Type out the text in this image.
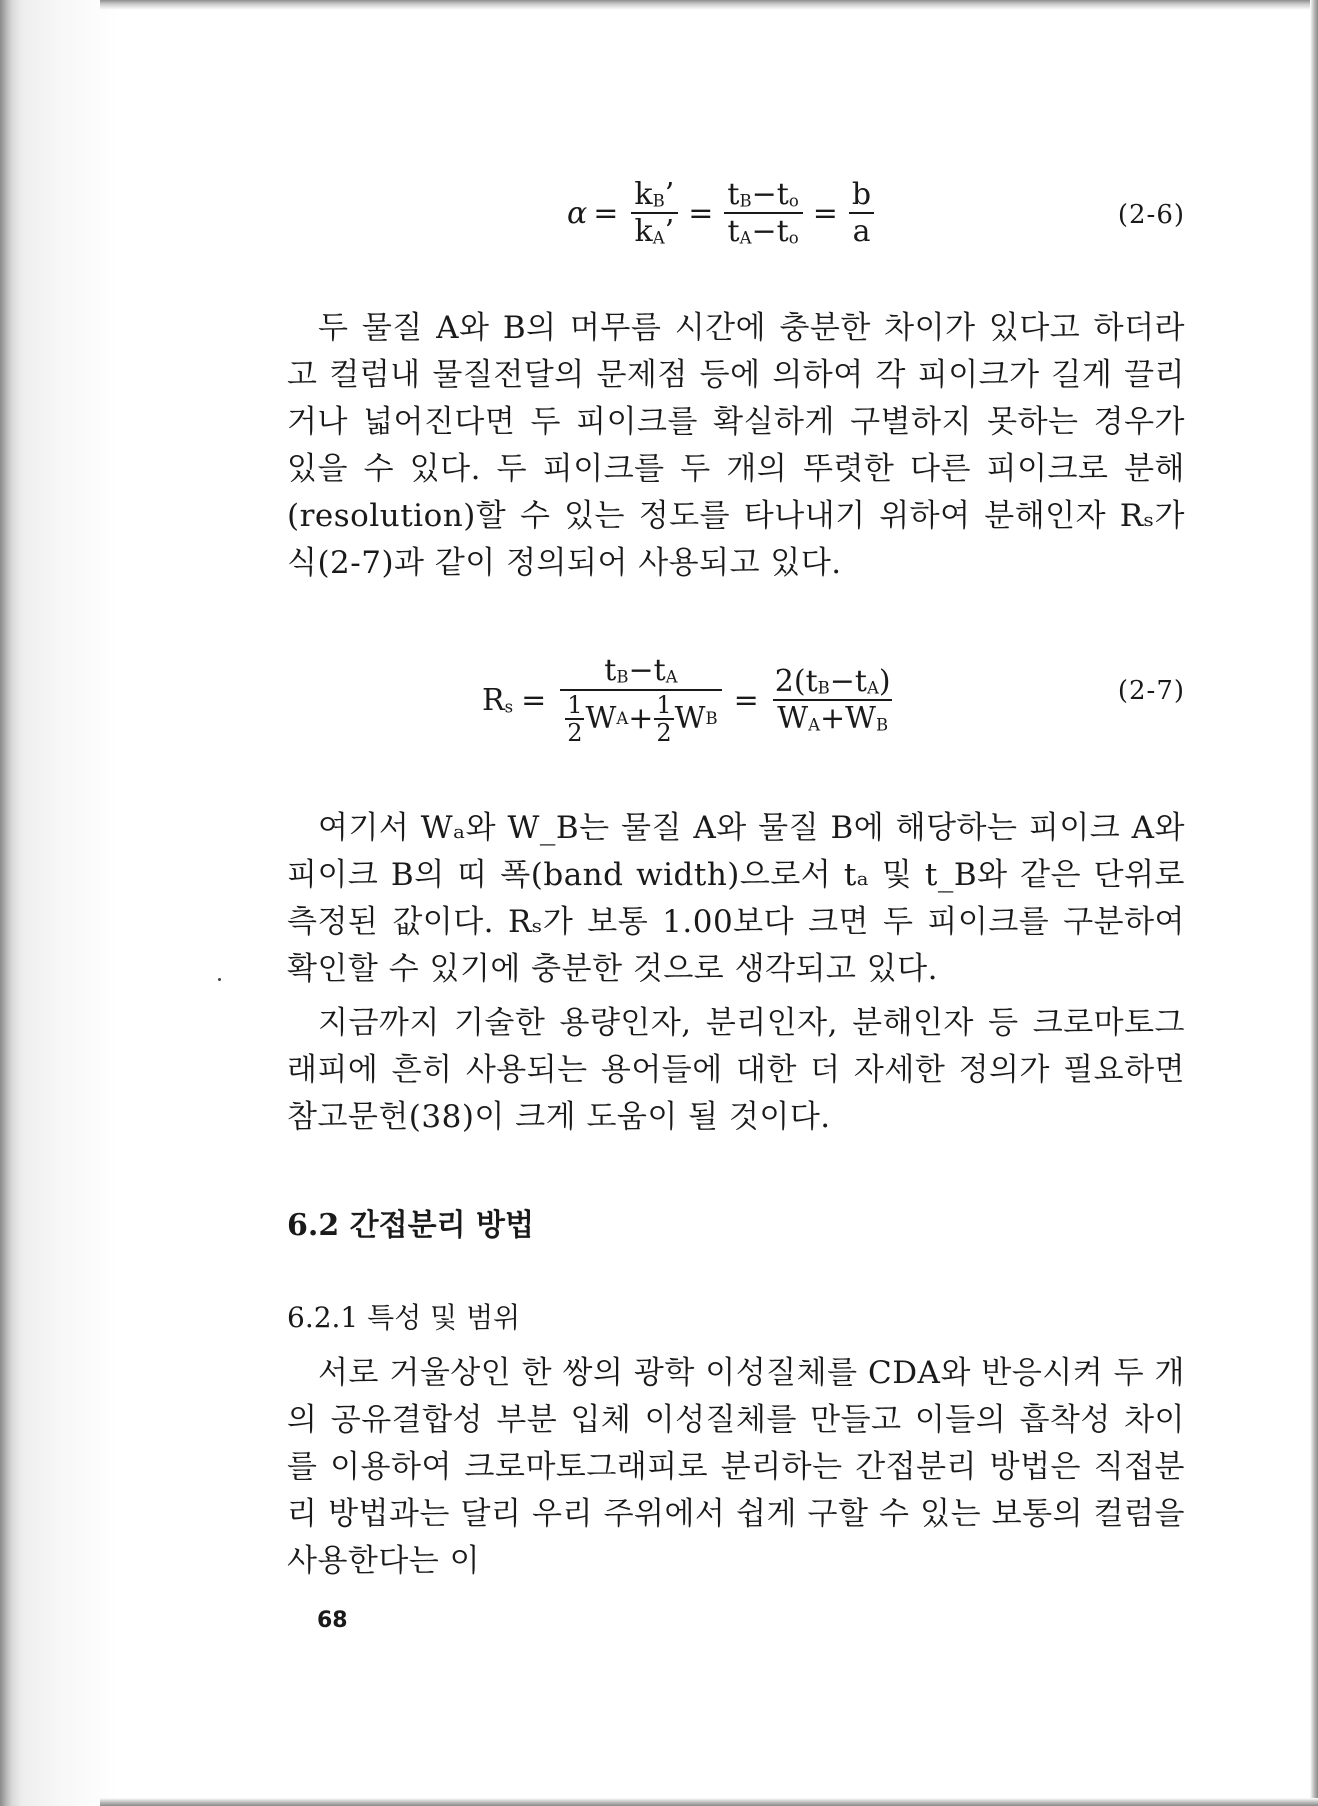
$\alpha = \frac{k_B’}{k_A’} = \frac{t_B-t_o}{t_A-t_o} = \frac{b}{a}$	(2-6)
두 물질 A와 B의 머무름 시간에 충분한 차이가 있다고 하더라고 컬럼내 물질전달의 문제점 등에 의하여 각 피이크가 길게 끌리거나 넓어진다면 두 피이크를 확실하게 구별하지 못하는 경우가 있을 수 있다. 두 피이크를 두 개의 뚜렷한 다른 피이크로 분해(resolution)할 수 있는 정도를 타나내기 위하여 분해인자 Rₛ가 식(2-7)과 같이 정의되어 사용되고 있다.
$R_s = \frac{t_B-t_A}{\frac{1}{2} W A + \frac{1}{2} W B} = \frac{2(t_B-t_A)}{W_A+W_B}$	(2-7)
여기서 Wₐ와 W_B는 물질 A와 물질 B에 해당하는 피이크 A와 피이크 B의 띠 폭(band width)으로서 tₐ 및 t_B와 같은 단위로 측정된 값이다. Rₛ가 보통 1.00보다 크면 두 피이크를 구분하여 확인할 수 있기에 충분한 것으로 생각되고 있다.
지금까지 기술한 용량인자, 분리인자, 분해인자 등 크로마토그래피에 흔히 사용되는 용어들에 대한 더 자세한 정의가 필요하면 참고문헌(38)이 크게 도움이 될 것이다.
6.2 간접분리 방법
6.2.1 특성 및 범위
서로 거울상인 한 쌍의 광학 이성질체를 CDA와 반응시켜 두 개의 공유결합성 부분 입체 이성질체를 만들고 이들의 흡착성 차이를 이용하여 크로마토그래피로 분리하는 간접분리 방법은 직접분리 방법과는 달리 우리 주위에서 쉽게 구할 수 있는 보통의 컬럼을 사용한다는 이
68
